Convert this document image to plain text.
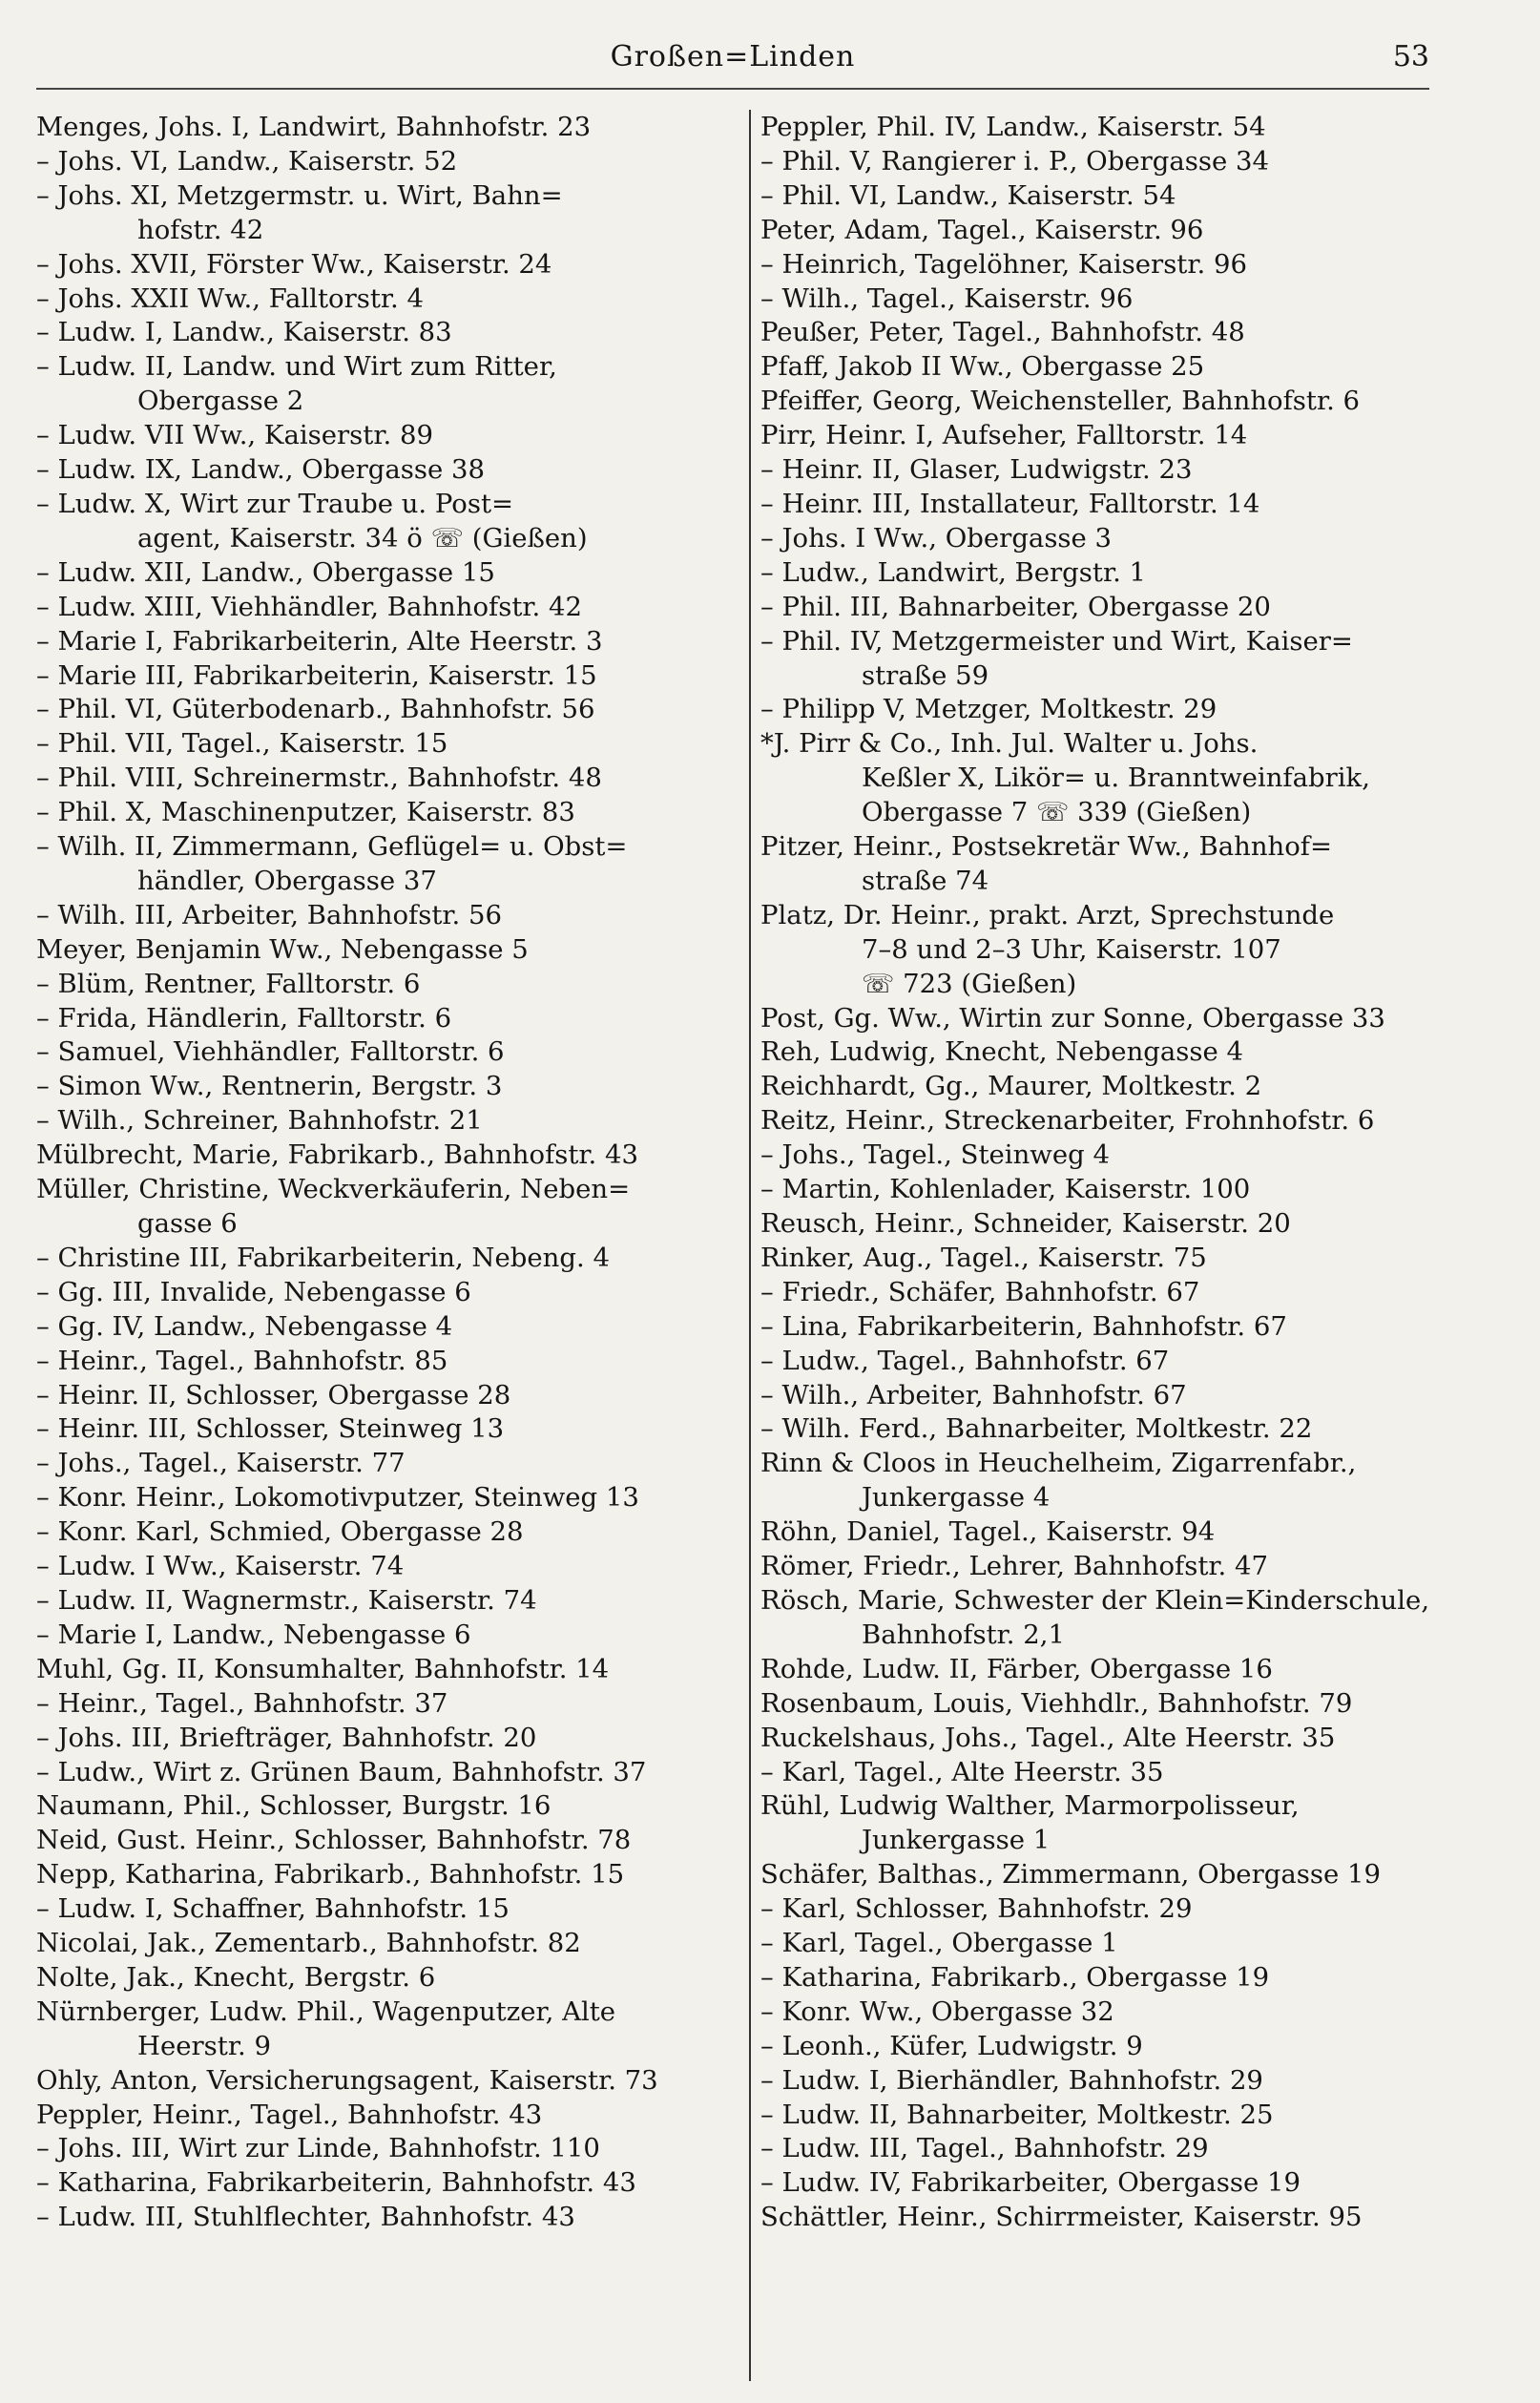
Großen=Linden	53
Menges, Johs. I, Landwirt, Bahnhofstr. 23
– Johs. VI, Landw., Kaiserstr. 52
– Johs. XI, Metzgermstr. u. Wirt, Bahn=
hofstr. 42
– Johs. XVII, Förster Ww., Kaiserstr. 24
– Johs. XXII Ww., Falltorstr. 4
– Ludw. I, Landw., Kaiserstr. 83
– Ludw. II, Landw. und Wirt zum Ritter,
Obergasse 2
– Ludw. VII Ww., Kaiserstr. 89
– Ludw. IX, Landw., Obergasse 38
– Ludw. X, Wirt zur Traube u. Post=
agent, Kaiserstr. 34 ö ☏ (Gießen)
– Ludw. XII, Landw., Obergasse 15
– Ludw. XIII, Viehhändler, Bahnhofstr. 42
– Marie I, Fabrikarbeiterin, Alte Heerstr. 3
– Marie III, Fabrikarbeiterin, Kaiserstr. 15
– Phil. VI, Güterbodenarb., Bahnhofstr. 56
– Phil. VII, Tagel., Kaiserstr. 15
– Phil. VIII, Schreinermstr., Bahnhofstr. 48
– Phil. X, Maschinenputzer, Kaiserstr. 83
– Wilh. II, Zimmermann, Geflügel= u. Obst=
händler, Obergasse 37
– Wilh. III, Arbeiter, Bahnhofstr. 56
Meyer, Benjamin Ww., Nebengasse 5
– Blüm, Rentner, Falltorstr. 6
– Frida, Händlerin, Falltorstr. 6
– Samuel, Viehhändler, Falltorstr. 6
– Simon Ww., Rentnerin, Bergstr. 3
– Wilh., Schreiner, Bahnhofstr. 21
Mülbrecht, Marie, Fabrikarb., Bahnhofstr. 43
Müller, Christine, Weckverkäuferin, Neben=
gasse 6
– Christine III, Fabrikarbeiterin, Nebeng. 4
– Gg. III, Invalide, Nebengasse 6
– Gg. IV, Landw., Nebengasse 4
– Heinr., Tagel., Bahnhofstr. 85
– Heinr. II, Schlosser, Obergasse 28
– Heinr. III, Schlosser, Steinweg 13
– Johs., Tagel., Kaiserstr. 77
– Konr. Heinr., Lokomotivputzer, Steinweg 13
– Konr. Karl, Schmied, Obergasse 28
– Ludw. I Ww., Kaiserstr. 74
– Ludw. II, Wagnermstr., Kaiserstr. 74
– Marie I, Landw., Nebengasse 6
Muhl, Gg. II, Konsumhalter, Bahnhofstr. 14
– Heinr., Tagel., Bahnhofstr. 37
– Johs. III, Briefträger, Bahnhofstr. 20
– Ludw., Wirt z. Grünen Baum, Bahnhofstr. 37
Naumann, Phil., Schlosser, Burgstr. 16
Neid, Gust. Heinr., Schlosser, Bahnhofstr. 78
Nepp, Katharina, Fabrikarb., Bahnhofstr. 15
– Ludw. I, Schaffner, Bahnhofstr. 15
Nicolai, Jak., Zementarb., Bahnhofstr. 82
Nolte, Jak., Knecht, Bergstr. 6
Nürnberger, Ludw. Phil., Wagenputzer, Alte
Heerstr. 9
Ohly, Anton, Versicherungsagent, Kaiserstr. 73
Peppler, Heinr., Tagel., Bahnhofstr. 43
– Johs. III, Wirt zur Linde, Bahnhofstr. 110
– Katharina, Fabrikarbeiterin, Bahnhofstr. 43
– Ludw. III, Stuhlflechter, Bahnhofstr. 43
Peppler, Phil. IV, Landw., Kaiserstr. 54
– Phil. V, Rangierer i. P., Obergasse 34
– Phil. VI, Landw., Kaiserstr. 54
Peter, Adam, Tagel., Kaiserstr. 96
– Heinrich, Tagelöhner, Kaiserstr. 96
– Wilh., Tagel., Kaiserstr. 96
Peußer, Peter, Tagel., Bahnhofstr. 48
Pfaff, Jakob II Ww., Obergasse 25
Pfeiffer, Georg, Weichensteller, Bahnhofstr. 6
Pirr, Heinr. I, Aufseher, Falltorstr. 14
– Heinr. II, Glaser, Ludwigstr. 23
– Heinr. III, Installateur, Falltorstr. 14
– Johs. I Ww., Obergasse 3
– Ludw., Landwirt, Bergstr. 1
– Phil. III, Bahnarbeiter, Obergasse 20
– Phil. IV, Metzgermeister und Wirt, Kaiser=
straße 59
– Philipp V, Metzger, Moltkestr. 29
*J. Pirr & Co., Inh. Jul. Walter u. Johs.
Keßler X, Likör= u. Branntweinfabrik,
Obergasse 7 ☏ 339 (Gießen)
Pitzer, Heinr., Postsekretär Ww., Bahnhof=
straße 74
Platz, Dr. Heinr., prakt. Arzt, Sprechstunde
7–8 und 2–3 Uhr, Kaiserstr. 107
☏ 723 (Gießen)
Post, Gg. Ww., Wirtin zur Sonne, Obergasse 33
Reh, Ludwig, Knecht, Nebengasse 4
Reichhardt, Gg., Maurer, Moltkestr. 2
Reitz, Heinr., Streckenarbeiter, Frohnhofstr. 6
– Johs., Tagel., Steinweg 4
– Martin, Kohlenlader, Kaiserstr. 100
Reusch, Heinr., Schneider, Kaiserstr. 20
Rinker, Aug., Tagel., Kaiserstr. 75
– Friedr., Schäfer, Bahnhofstr. 67
– Lina, Fabrikarbeiterin, Bahnhofstr. 67
– Ludw., Tagel., Bahnhofstr. 67
– Wilh., Arbeiter, Bahnhofstr. 67
– Wilh. Ferd., Bahnarbeiter, Moltkestr. 22
Rinn & Cloos in Heuchelheim, Zigarrenfabr.,
Junkergasse 4
Röhn, Daniel, Tagel., Kaiserstr. 94
Römer, Friedr., Lehrer, Bahnhofstr. 47
Rösch, Marie, Schwester der Klein=Kinderschule,
Bahnhofstr. 2,1
Rohde, Ludw. II, Färber, Obergasse 16
Rosenbaum, Louis, Viehhdlr., Bahnhofstr. 79
Ruckelshaus, Johs., Tagel., Alte Heerstr. 35
– Karl, Tagel., Alte Heerstr. 35
Rühl, Ludwig Walther, Marmorpolisseur,
Junkergasse 1
Schäfer, Balthas., Zimmermann, Obergasse 19
– Karl, Schlosser, Bahnhofstr. 29
– Karl, Tagel., Obergasse 1
– Katharina, Fabrikarb., Obergasse 19
– Konr. Ww., Obergasse 32
– Leonh., Küfer, Ludwigstr. 9
– Ludw. I, Bierhändler, Bahnhofstr. 29
– Ludw. II, Bahnarbeiter, Moltkestr. 25
– Ludw. III, Tagel., Bahnhofstr. 29
– Ludw. IV, Fabrikarbeiter, Obergasse 19
Schättler, Heinr., Schirrmeister, Kaiserstr. 95
